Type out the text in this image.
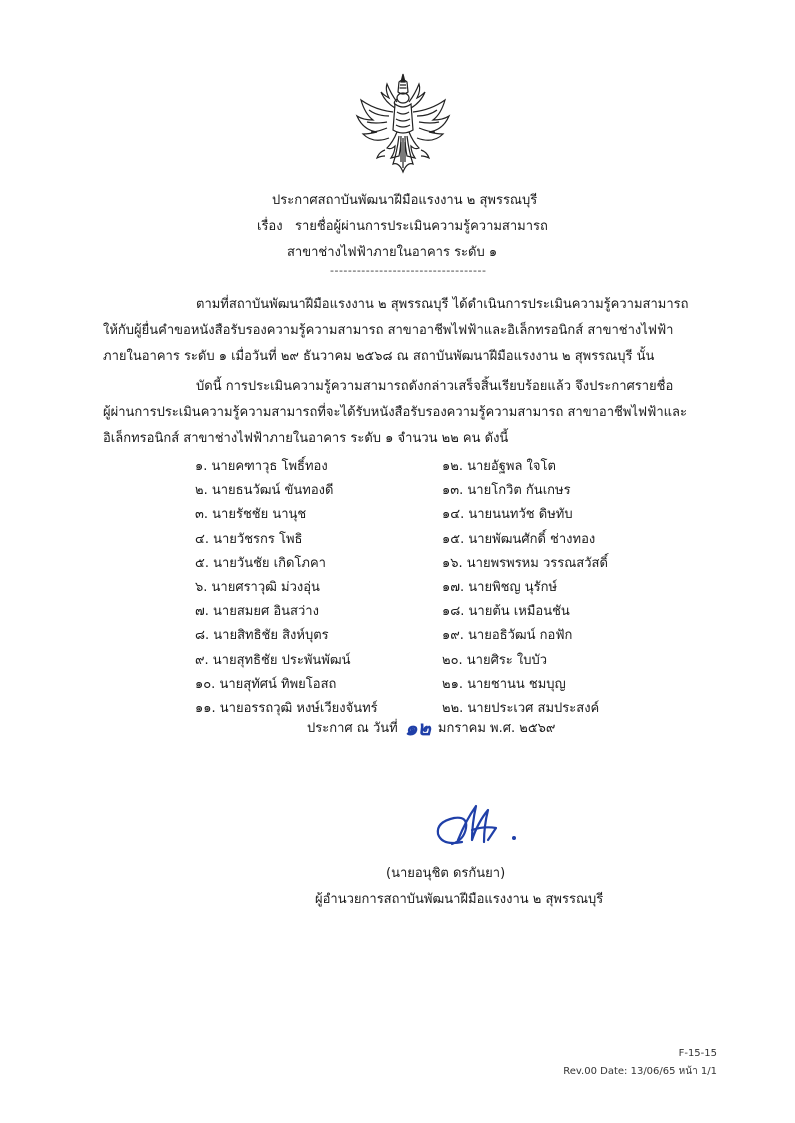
ประกาศสถาบันพัฒนาฝีมือแรงงาน ๒ สุพรรณบุรี
เรื่อง รายชื่อผู้ผ่านการประเมินความรู้ความสามารถ
สาขาช่างไฟฟ้าภายในอาคาร ระดับ ๑
-----------------------------------
ตามที่สถาบันพัฒนาฝีมือแรงงาน ๒ สุพรรณบุรี ได้ดำเนินการประเมินความรู้ความสามารถ
ให้กับผู้ยื่นคำขอหนังสือรับรองความรู้ความสามารถ สาขาอาชีพไฟฟ้าและอิเล็กทรอนิกส์ สาขาช่างไฟฟ้า
ภายในอาคาร ระดับ ๑ เมื่อวันที่ ๒๙ ธันวาคม ๒๕๖๘ ณ สถาบันพัฒนาฝีมือแรงงาน ๒ สุพรรณบุรี นั้น
บัดนี้ การประเมินความรู้ความสามารถดังกล่าวเสร็จสิ้นเรียบร้อยแล้ว จึงประกาศรายชื่อ
ผู้ผ่านการประเมินความรู้ความสามารถที่จะได้รับหนังสือรับรองความรู้ความสามารถ สาขาอาชีพไฟฟ้าและ
อิเล็กทรอนิกส์ สาขาช่างไฟฟ้าภายในอาคาร ระดับ ๑ จำนวน ๒๒ คน ดังนี้
๑. นายคฑาวุธ โพธิ์ทอง
๒. นายธนวัฒน์ ขันทองดี
๓. นายรัชชัย นานุช
๔. นายวัชรกร โพธิ
๕. นายวันชัย เกิดโภคา
๖. นายศราวุฒิ ม่วงอุ่น
๗. นายสมยศ อินสว่าง
๘. นายสิทธิชัย สิงห์บุตร
๙. นายสุทธิชัย ประพันพัฒน์
๑๐. นายสุทัศน์ ทิพยโอสถ
๑๑. นายอรรถวุฒิ หงษ์เวียงจันทร์
๑๒. นายอัฐพล ใจโต
๑๓. นายโกวิต กันเกษร
๑๔. นายนนทวัช ดิษทับ
๑๕. นายพัฒนศักดิ์ ช่างทอง
๑๖. นายพรพรหม วรรณสวัสดิ์
๑๗. นายพิชญ นุรักษ์
๑๘. นายต้น เหมือนชัน
๑๙. นายอธิวัฒน์ กอฟัก
๒๐. นายศิระ ใบบัว
๒๑. นายชานน ชมบุญ
๒๒. นายประเวศ สมประสงค์
ประกาศ ณ วันที่ ๑๒ มกราคม พ.ศ. ๒๕๖๙
(นายอนุชิต ดรกันยา)
ผู้อำนวยการสถาบันพัฒนาฝีมือแรงงาน ๒ สุพรรณบุรี
F-15-15
Rev.00 Date: 13/06/65 หน้า 1/1
